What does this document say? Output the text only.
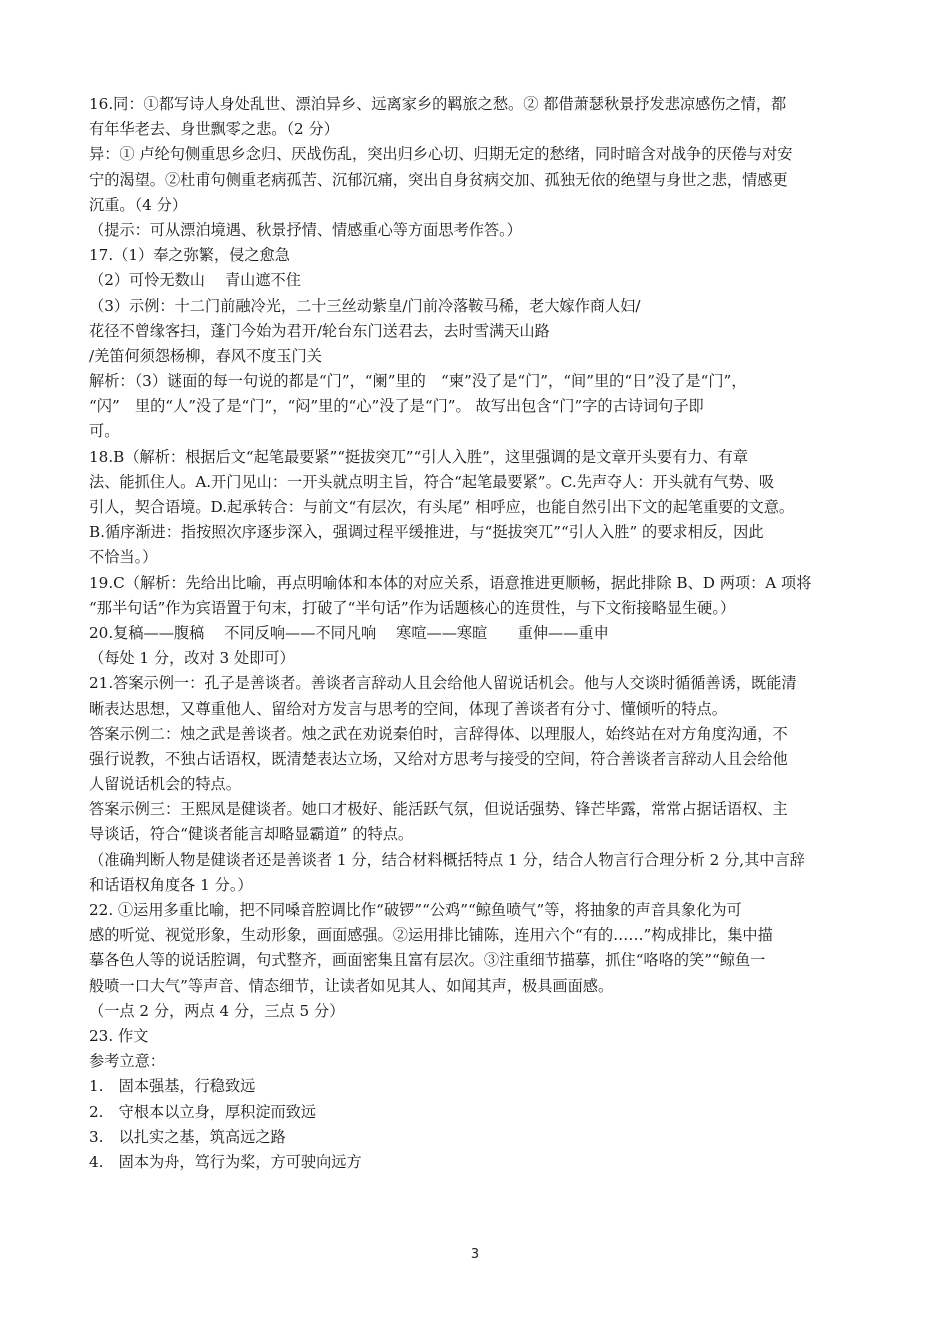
16.同：①都写诗人身处乱世、漂泊异乡、远离家乡的羁旅之愁。② 都借萧瑟秋景抒发悲凉感伤之情，都
有年华老去、身世飘零之悲。（2 分）
异：① 卢纶句侧重思乡念归、厌战伤乱，突出归乡心切、归期无定的愁绪，同时暗含对战争的厌倦与对安
宁的渴望。②杜甫句侧重老病孤苦、沉郁沉痛，突出自身贫病交加、孤独无依的绝望与身世之悲，情感更
沉重。（4 分）
（提示：可从漂泊境遇、秋景抒情、情感重心等方面思考作答。）
17.（1）奉之弥繁，侵之愈急
（2）可怜无数山　 青山遮不住
（3）示例：十二门前融冷光，二十三丝动紫皇/门前冷落鞍马稀，老大嫁作商人妇/
花径不曾缘客扫，蓬门今始为君开/轮台东门送君去，去时雪满天山路
/羌笛何须怨杨柳，春风不度玉门关
解析：（3）谜面的每一句说的都是“门”，“阑”里的　“柬”没了是“门”，“间”里的“日”没了是“门”，
“闪”　里的“人”没了是“门”，“闷”里的“心”没了是“门”。 故写出包含“门”字的古诗词句子即
可。
18.B（解析：根据后文“起笔最要紧”“挺拔突兀”“引人入胜”，这里强调的是文章开头要有力、有章
法、能抓住人。A.开门见山：一开头就点明主旨，符合“起笔最要紧”。C.先声夺人：开头就有气势、吸
引人，契合语境。D.起承转合：与前文“有层次，有头尾” 相呼应，也能自然引出下文的起笔重要的文意。
B.循序渐进：指按照次序逐步深入，强调过程平缓推进，与“挺拔突兀”“引人入胜” 的要求相反，因此
不恰当。）
19.C（解析：先给出比喻，再点明喻体和本体的对应关系，语意推进更顺畅，据此排除 B、D 两项：A 项将
“那半句话”作为宾语置于句末，打破了“半句话”作为话题核心的连贯性，与下文衔接略显生硬。）
20.复稿——腹稿　 不同反响——不同凡响　 寒喧——寒暄　　重伸——重申
（每处 1 分，改对 3 处即可）
21.答案示例一：孔子是善谈者。善谈者言辞动人且会给他人留说话机会。他与人交谈时循循善诱，既能清
晰表达思想，又尊重他人、留给对方发言与思考的空间，体现了善谈者有分寸、懂倾听的特点。
答案示例二：烛之武是善谈者。烛之武在劝说秦伯时，言辞得体、以理服人，始终站在对方角度沟通，不
强行说教，不独占话语权，既清楚表达立场，又给对方思考与接受的空间，符合善谈者言辞动人且会给他
人留说话机会的特点。
答案示例三：王熙凤是健谈者。她口才极好、能活跃气氛，但说话强势、锋芒毕露，常常占据话语权、主
导谈话，符合“健谈者能言却略显霸道” 的特点。
（准确判断人物是健谈者还是善谈者 1 分，结合材料概括特点 1 分，结合人物言行合理分析 2 分,其中言辞
和话语权角度各 1 分。）
22. ①运用多重比喻，把不同嗓音腔调比作“破锣”“公鸡”“鲸鱼喷气”等，将抽象的声音具象化为可
感的听觉、视觉形象，生动形象，画面感强。②运用排比铺陈，连用六个“有的……”构成排比，集中描
摹各色人等的说话腔调，句式整齐，画面密集且富有层次。③注重细节描摹，抓住“咯咯的笑”“鲸鱼一
般喷一口大气”等声音、情态细节，让读者如见其人、如闻其声，极具画面感。
（一点 2 分，两点 4 分，三点 5 分）
23. 作文
参考立意：
1.　固本强基，行稳致远
2.　守根本以立身，厚积淀而致远
3.　以扎实之基，筑高远之路
4.　固本为舟，笃行为桨，方可驶向远方
3
